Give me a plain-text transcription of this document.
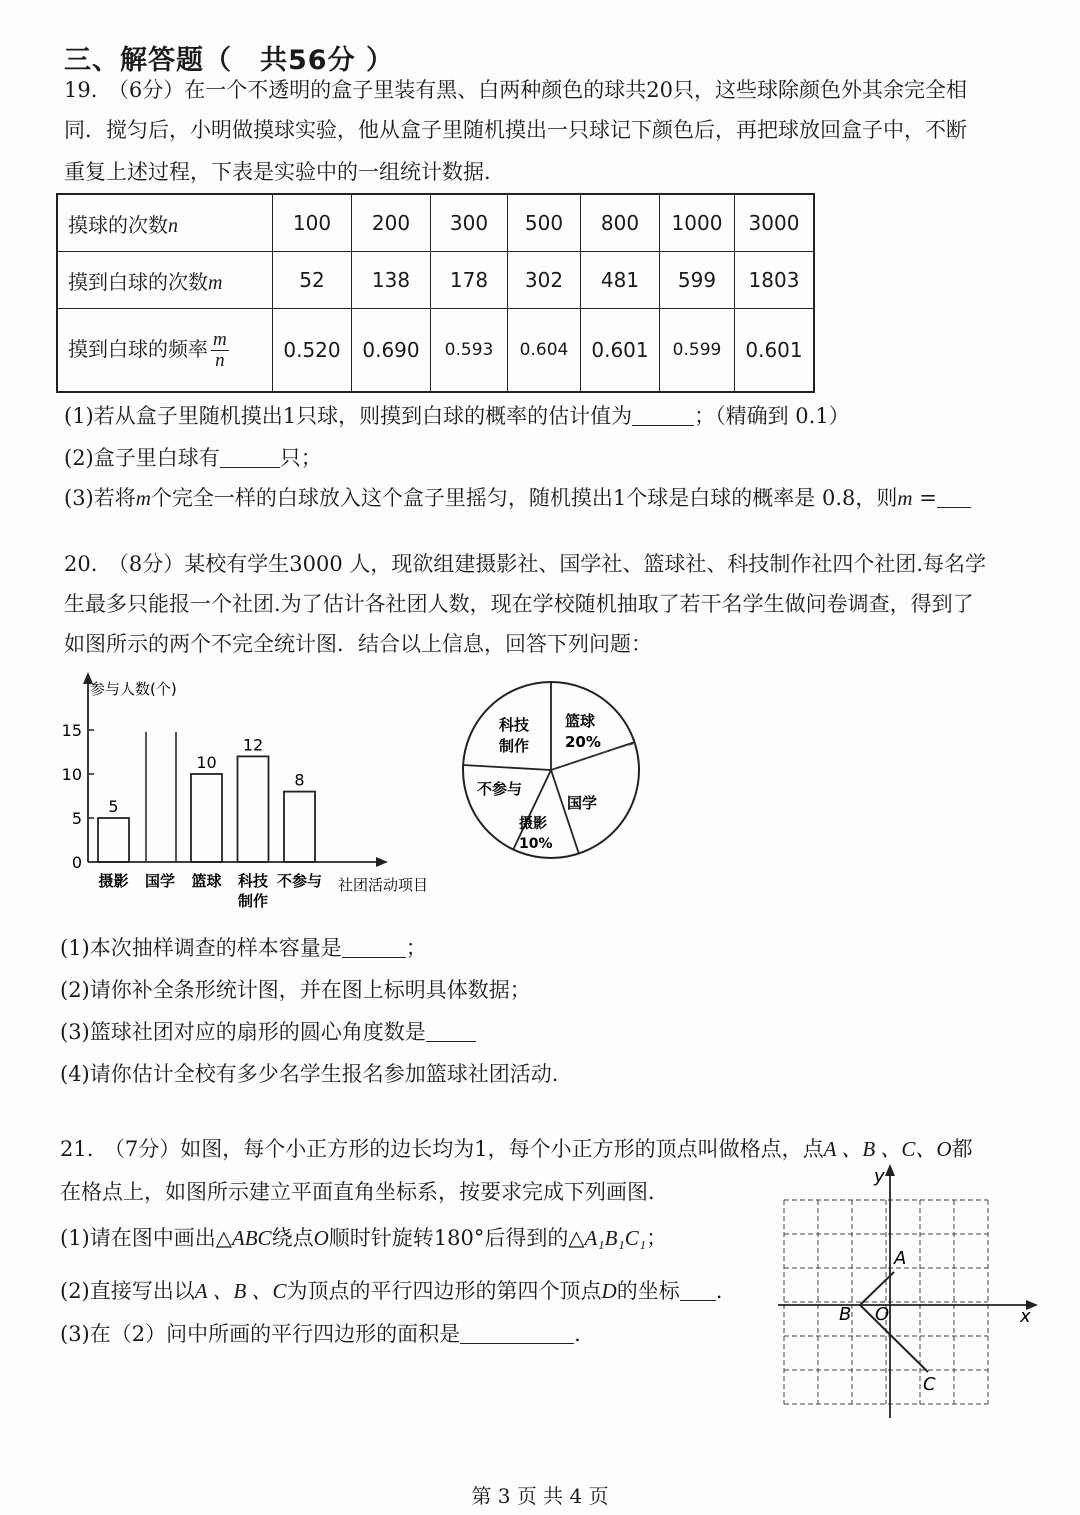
三、解答题（　共56分 ）
19.　（6分）在一个不透明的盒子里装有黑、白两种颜色的球共20只，这些球除颜色外其余完全相
同．搅匀后，小明做摸球实验，他从盒子里随机摸出一只球记下颜色后，再把球放回盒子中，不断
重复上述过程，下表是实验中的一组统计数据．
摸球的次数n	100	200	300	500	800	1000	3000
摸到白球的次数m	52	138	178	302	481	599	1803
摸到白球的频率 $\frac{m}{n}$	0.520	0.690	0.593	0.604	0.601	0.599	0.601
(1)若从盒子里随机摸出1只球，则摸到白球的概率的估计值为	；（精确到 0.1）
(2)盒子里白球有	只；
(3)若将m个完全一样的白球放入这个盒子里摇匀，随机摸出1个球是白球的概率是 0.8，则m =
20.　（8分）某校有学生3000 人，现欲组建摄影社、国学社、篮球社、科技制作社四个社团.每名学
生最多只能报一个社团.为了估计各社团人数，现在学校随机抽取了若干名学生做问卷调查，得到了
如图所示的两个不完全统计图．结合以上信息，回答下列问题：
0
5
10
15
5
摄影 国学
10
篮球
12
科技
制作
8
不参与
参与人数(个)
社团活动项目
篮球
20%
国学
摄影
10%
不参与
科技
制作
(1)本次抽样调查的样本容量是	；
(2)请你补全条形统计图，并在图上标明具体数据；
(3)篮球社团对应的扇形的圆心角度数是
(4)请你估计全校有多少名学生报名参加篮球社团活动.
21.　（7分）如图，每个小正方形的边长均为1，每个小正方形的顶点叫做格点，点A 、B 、C、O都
在格点上，如图所示建立平面直角坐标系，按要求完成下列画图．
(1)请在图中画出△ABC绕点O顺时针旋转180°后得到的△A₁B₁C₁；
(2)直接写出以A 、B 、C为顶点的平行四边形的第四个顶点D的坐标 .
(3)在（2）问中所画的平行四边形的面积是	.
x
y
A
B
C
O
第 3 页 共 4 页
